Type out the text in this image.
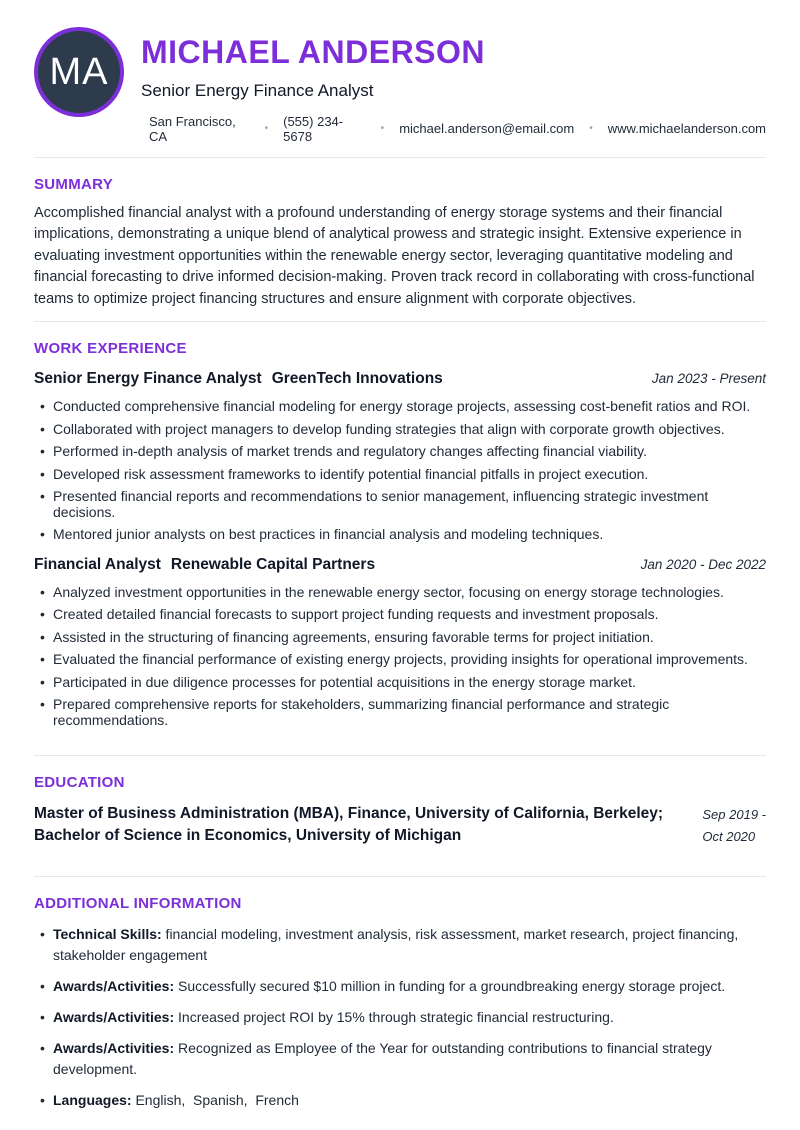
MA MICHAEL ANDERSON
Senior Energy Finance Analyst
San Francisco, CA	• (555) 234-5678	• michael.anderson@email.com • www.michaelanderson.com
SUMMARY

Accomplished financial analyst with a profound understanding of energy storage systems and their financial implications, demonstrating a unique blend of analytical prowess and strategic insight. Extensive experience in evaluating investment opportunities within the renewable energy sector, leveraging quantitative modeling and financial forecasting to drive informed decision-making. Proven track record in collaborating with cross-functional teams to optimize project financing structures and ensure alignment with corporate objectives.

WORK EXPERIENCE
Senior Energy Finance Analyst GreenTech Innovations	Jan 2023 - Present
• Conducted comprehensive financial modeling for energy storage projects, assessing cost-benefit ratios and ROI.
• Collaborated with project managers to develop funding strategies that align with corporate growth objectives.
• Performed in-depth analysis of market trends and regulatory changes affecting financial viability.
• Developed risk assessment frameworks to identify potential financial pitfalls in project execution.
• Presented financial reports and recommendations to senior management, influencing strategic investment decisions.
• Mentored junior analysts on best practices in financial analysis and modeling techniques.
Financial Analyst Renewable Capital Partners	Jan 2020 - Dec 2022
• Analyzed investment opportunities in the renewable energy sector, focusing on energy storage technologies.
• Created detailed financial forecasts to support project funding requests and investment proposals.
• Assisted in the structuring of financing agreements, ensuring favorable terms for project initiation.
• Evaluated the financial performance of existing energy projects, providing insights for operational improvements.
• Participated in due diligence processes for potential acquisitions in the energy storage market.
• Prepared comprehensive reports for stakeholders, summarizing financial performance and strategic recommendations.
EDUCATION
Master of Business Administration (MBA), Finance, University of California, Berkeley; Bachelor of Science in Economics, University of Michigan
Sep 2019 -
Oct 2020
ADDITIONAL INFORMATION
• Technical Skills: financial modeling, investment analysis, risk assessment, market research, project financing, stakeholder engagement
• Awards/Activities: Successfully secured $10 million in funding for a groundbreaking energy storage project.
• Awards/Activities: Increased project ROI by 15% through strategic financial restructuring.
• Awards/Activities: Recognized as Employee of the Year for outstanding contributions to financial strategy development.
• Languages: English,  Spanish,  French
